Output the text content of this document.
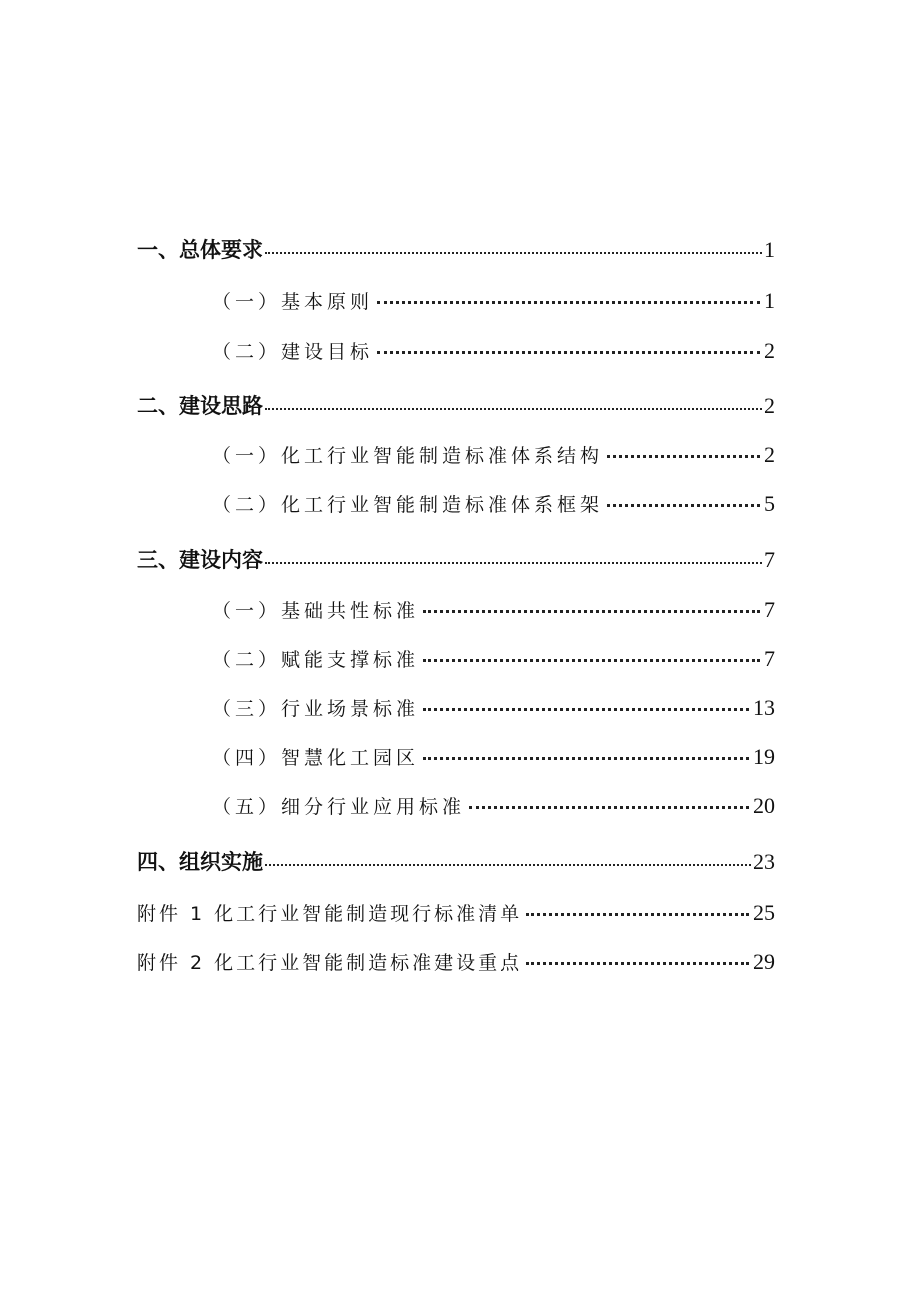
一、总体要求	1
（一）基本原则	1
（二）建设目标	2
二、建设思路	2
（一）化工行业智能制造标准体系结构	2
（二）化工行业智能制造标准体系框架	5
三、建设内容	7
（一）基础共性标准	7
（二）赋能支撑标准	7
（三）行业场景标准	13
（四）智慧化工园区	19
（五）细分行业应用标准	20
四、组织实施	23
附件 1 化工行业智能制造现行标准清单	25
附件 2 化工行业智能制造标准建设重点	29
